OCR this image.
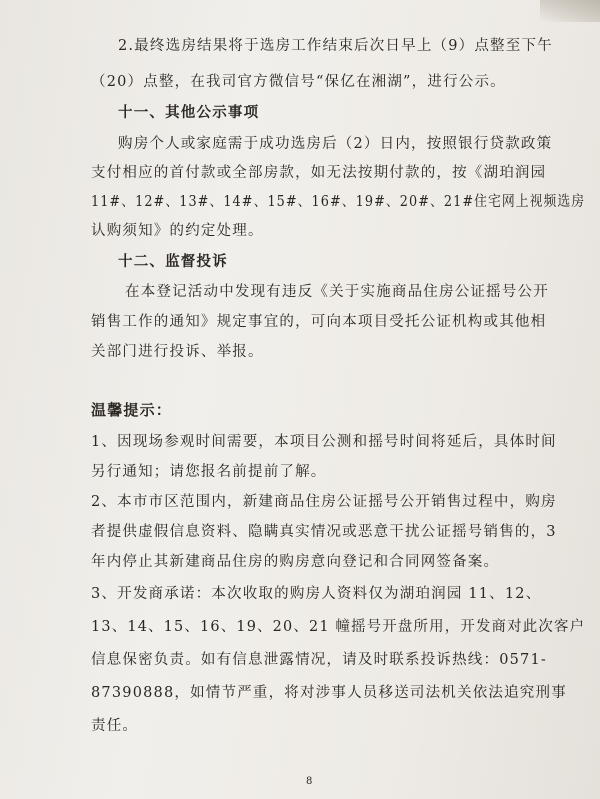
2.最终选房结果将于选房工作结束后次日早上（9）点整至下午
（20）点整，在我司官方微信号“保亿在湘湖”，进行公示。
十一、其他公示事项
购房个人或家庭需于成功选房后（2）日内，按照银行贷款政策
支付相应的首付款或全部房款，如无法按期付款的，按《湖珀润园
11#、12#、13#、14#、15#、16#、19#、20#、21#住宅网上视频选房
认购须知》的约定处理。
十二、监督投诉
在本登记活动中发现有违反《关于实施商品住房公证摇号公开
销售工作的通知》规定事宜的，可向本项目受托公证机构或其他相
关部门进行投诉、举报。
温馨提示：
1、因现场参观时间需要，本项目公测和摇号时间将延后，具体时间
另行通知；请您报名前提前了解。
2、本市市区范围内，新建商品住房公证摇号公开销售过程中，购房
者提供虚假信息资料、隐瞒真实情况或恶意干扰公证摇号销售的，3
年内停止其新建商品住房的购房意向登记和合同网签备案。
3、开发商承诺：本次收取的购房人资料仅为湖珀润园 11、12、
13、14、15、16、19、20、21 幢摇号开盘所用，开发商对此次客户
信息保密负责。如有信息泄露情况，请及时联系投诉热线：0571-
87390888，如情节严重，将对涉事人员移送司法机关依法追究刑事
责任。
8
